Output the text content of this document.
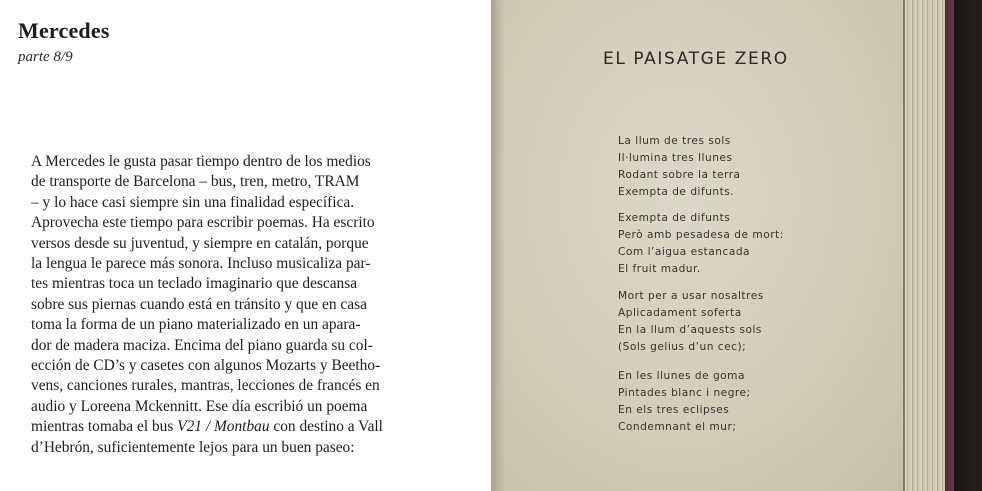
Mercedes

parte 8/9

A Mercedes le gusta pasar tiempo dentro de los medios
de transporte de Barcelona – bus, tren, metro, TRAM
– y lo hace casi siempre sin una finalidad específica.
Aprovecha este tiempo para escribir poemas. Ha escrito
versos desde su juventud, y siempre en catalán, porque
la lengua le parece más sonora. Incluso musicaliza par-
tes mientras toca un teclado imaginario que descansa
sobre sus piernas cuando está en tránsito y que en casa
toma la forma de un piano materializado en un apara-
dor de madera maciza. Encima del piano guarda su col-
ección de CD’s y casetes con algunos Mozarts y Beetho-
vens, canciones rurales, mantras, lecciones de francés en
audio y Loreena Mckennitt. Ese día escribió un poema
mientras tomaba el bus V21 / Montbau con destino a Vall
d’Hebrón, suficientemente lejos para un buen paseo:

EL PAISATGE ZERO
La llum de tres sols
Il·lumina tres llunes
Rodant sobre la terra
Exempta de difunts.
Exempta de difunts
Però amb pesadesa de mort:
Com l’aigua estancada
El fruit madur.
Mort per a usar nosaltres
Aplicadament soferta
En la llum d’aquests sols
(Sols gelius d’un cec);
En les llunes de goma
Pintades blanc i negre;
En els tres eclipses
Condemnant el mur;
